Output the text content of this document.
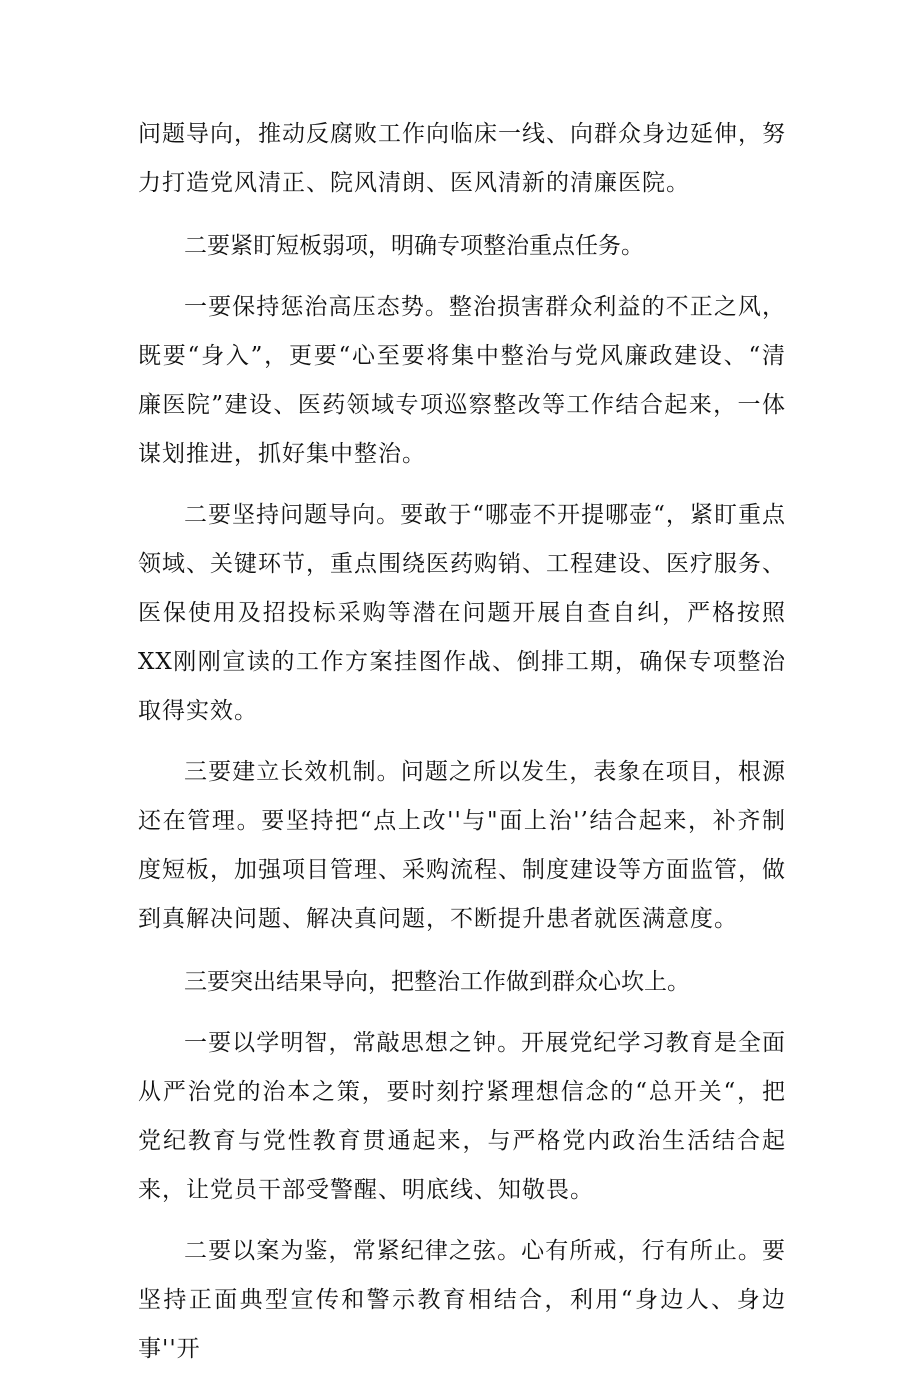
问题导向，推动反腐败工作向临床一线、向群众身边延伸，努力打造党风清正、院风清朗、医风清新的清廉医院。

二要紧盯短板弱项，明确专项整治重点任务。

一要保持惩治高压态势。整治损害群众利益的不正之风，既要“身入”，更要“心至要将集中整治与党风廉政建设、“清廉医院”建设、医药领域专项巡察整改等工作结合起来，一体谋划推进，抓好集中整治。

二要坚持问题导向。要敢于“哪壶不开提哪壶“，紧盯重点领域、关键环节，重点围绕医药购销、工程建设、医疗服务、医保使用及招投标采购等潜在问题开展自查自纠，严格按照XX刚刚宣读的工作方案挂图作战、倒排工期，确保专项整治取得实效。

三要建立长效机制。问题之所以发生，表象在项目，根源还在管理。要坚持把“点上改''与"面上治'’结合起来，补齐制度短板，加强项目管理、采购流程、制度建设等方面监管，做到真解决问题、解决真问题，不断提升患者就医满意度。

三要突出结果导向，把整治工作做到群众心坎上。

一要以学明智，常敲思想之钟。开展党纪学习教育是全面从严治党的治本之策，要时刻拧紧理想信念的“总开关“，把党纪教育与党性教育贯通起来，与严格党内政治生活结合起来，让党员干部受警醒、明底线、知敬畏。

二要以案为鉴，常紧纪律之弦。心有所戒，行有所止。要坚持正面典型宣传和警示教育相结合，利用“身边人、身边事''开
